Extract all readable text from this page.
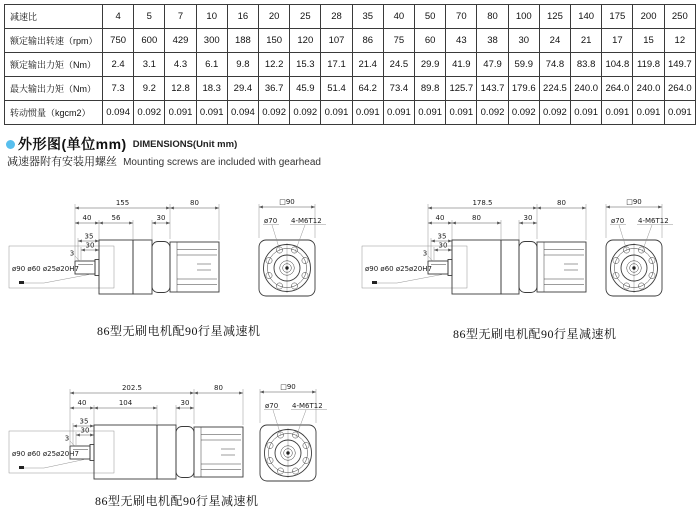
减速比	4	5	7	10	16	20	25	28	35	40	50	70	80	100	125	140	175	200	250
额定输出转速（rpm）	750	600	429	300	188	150	120	107	86	75	60	43	38	30	24	21	17	15	12
额定输出力矩（Nm）	2.4	3.1	4.3	6.1	9.8	12.2	15.3	17.1	21.4	24.5	29.9	41.9	47.9	59.9	74.8	83.8	104.8	119.8	149.7
最大输出力矩（Nm）	7.3	9.2	12.8	18.3	29.4	36.7	45.9	51.4	64.2	73.4	89.8	125.7	143.7	179.6	224.5	240.0	264.0	240.0	264.0
转动惯量（kgcm2）	0.094	0.092	0.091	0.091	0.094	0.092	0.092	0.091	0.091	0.091	0.091	0.091	0.092	0.092	0.092	0.091	0.091	0.091	0.091
外形图(单位mm) DIMENSIONS(Unit mm)
减速器附有安装用螺丝 Mounting screws are included with gearhead
155	80
40	56	30
35
30
3
ø90 ø60 ø25ø20H7
□90
ø70 4-M6T12
178.5	80
40	80	30
35
30
3
ø90 ø60 ø25ø20H7
□90
ø70 4-M6T12
202.5	80
40	104	30
35
30
3
ø90 ø60 ø25ø20H7
□90
ø70 4-M6T12
86型无刷电机配90行星减速机	86型无刷电机配90行星减速机
86型无刷电机配90行星减速机
